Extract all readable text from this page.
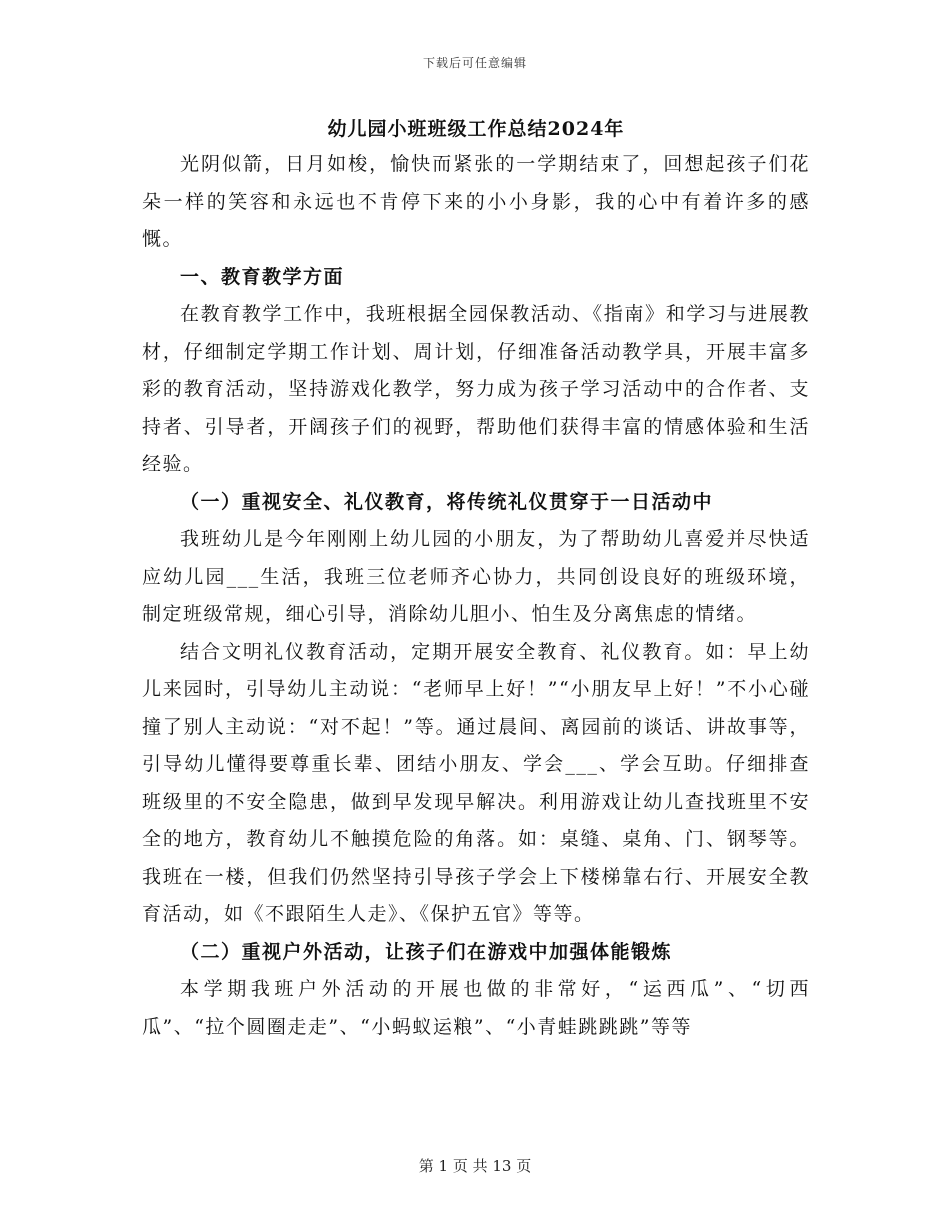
下载后可任意编辑
幼儿园小班班级工作总结2024年

光阴似箭，日月如梭，愉快而紧张的一学期结束了，回想起孩子们花朵一样的笑容和永远也不肯停下来的小小身影，我的心中有着许多的感慨。

一、教育教学方面

在教育教学工作中，我班根据全园保教活动、《指南》和学习与进展教材，仔细制定学期工作计划、周计划，仔细准备活动教学具，开展丰富多彩的教育活动，坚持游戏化教学，努力成为孩子学习活动中的合作者、支持者、引导者，开阔孩子们的视野，帮助他们获得丰富的情感体验和生活经验。

（一）重视安全、礼仪教育，将传统礼仪贯穿于一日活动中

我班幼儿是今年刚刚上幼儿园的小朋友，为了帮助幼儿喜爱并尽快适应幼儿园___生活，我班三位老师齐心协力，共同创设良好的班级环境，制定班级常规，细心引导，消除幼儿胆小、怕生及分离焦虑的情绪。

结合文明礼仪教育活动，定期开展安全教育、礼仪教育。如：早上幼儿来园时，引导幼儿主动说：“老师早上好！”“小朋友早上好！”不小心碰撞了别人主动说：“对不起！”等。通过晨间、离园前的谈话、讲故事等，引导幼儿懂得要尊重长辈、团结小朋友、学会___、学会互助。仔细排查班级里的不安全隐患，做到早发现早解决。利用游戏让幼儿查找班里不安全的地方，教育幼儿不触摸危险的角落。如：桌缝、桌角、门、钢琴等。我班在一楼，但我们仍然坚持引导孩子学会上下楼梯靠右行、开展安全教育活动，如《不跟陌生人走》、《保护五官》等等。

（二）重视户外活动，让孩子们在游戏中加强体能锻炼

本学期我班户外活动的开展也做的非常好，“运西瓜”、“切西瓜”、“拉个圆圈走走”、“小蚂蚁运粮”、“小青蛙跳跳跳”等等

第 1 页 共 13 页
